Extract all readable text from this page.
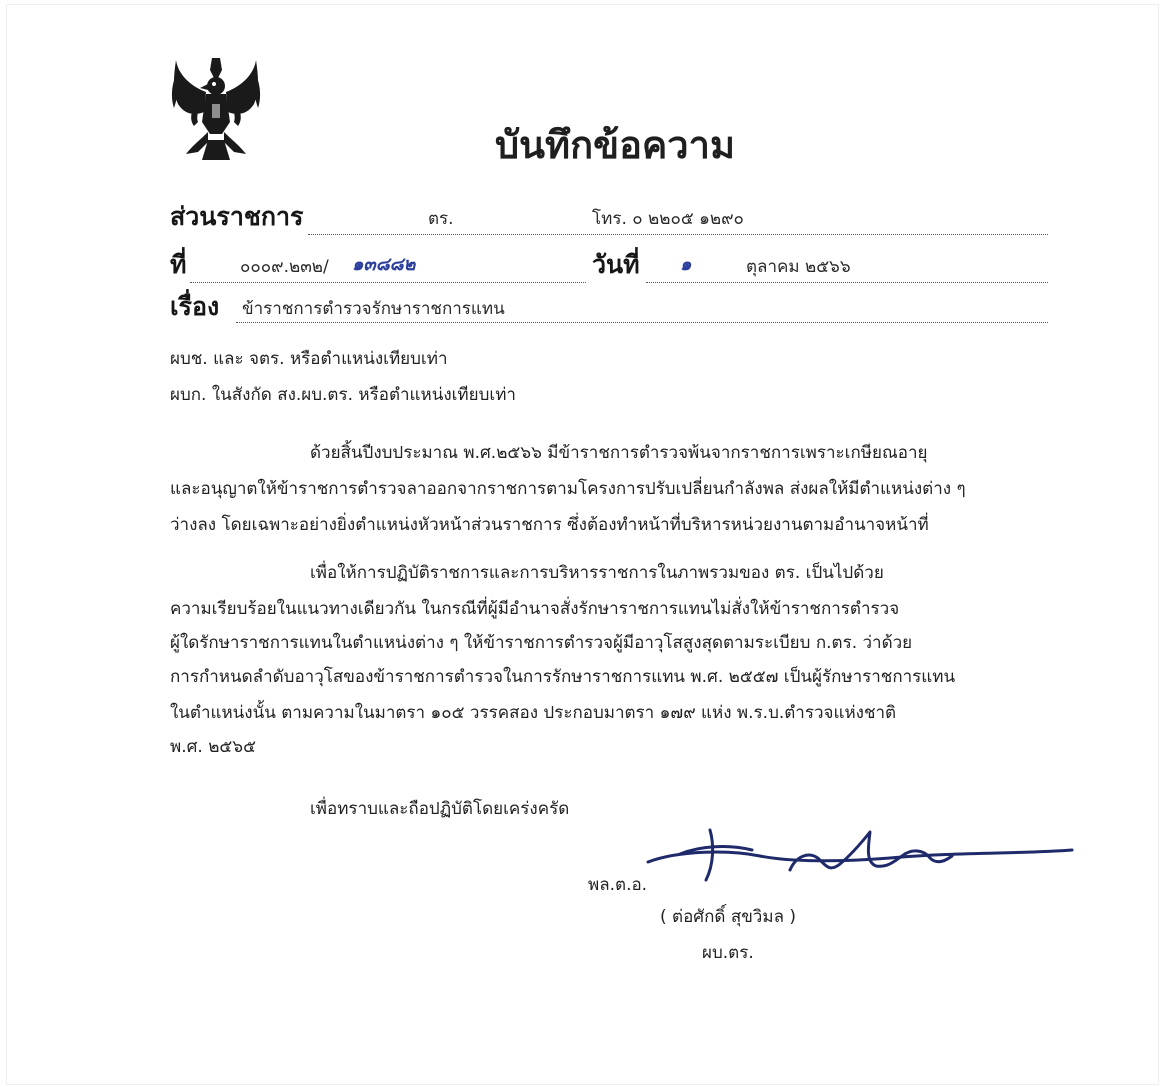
บันทึกข้อความ
ส่วนราชการ	ตร.	โทร. ๐ ๒๒๐๕ ๑๒๙๐
ที่	๐๐๐๙.๒๓๒/ ๑๓๘๘๒	วันที่ ๑	ตุลาคม ๒๕๖๖
เรื่อง ข้าราชการตำรวจรักษาราชการแทน
ผบช. และ จตร. หรือตำแหน่งเทียบเท่า
ผบก. ในสังกัด สง.ผบ.ตร. หรือตำแหน่งเทียบเท่า
ด้วยสิ้นปีงบประมาณ พ.ศ.๒๕๖๖ มีข้าราชการตำรวจพ้นจากราชการเพราะเกษียณอายุ
และอนุญาตให้ข้าราชการตำรวจลาออกจากราชการตามโครงการปรับเปลี่ยนกำลังพล ส่งผลให้มีตำแหน่งต่าง ๆ
ว่างลง โดยเฉพาะอย่างยิ่งตำแหน่งหัวหน้าส่วนราชการ ซึ่งต้องทำหน้าที่บริหารหน่วยงานตามอำนาจหน้าที่
เพื่อให้การปฏิบัติราชการและการบริหารราชการในภาพรวมของ ตร. เป็นไปด้วย
ความเรียบร้อยในแนวทางเดียวกัน ในกรณีที่ผู้มีอำนาจสั่งรักษาราชการแทนไม่สั่งให้ข้าราชการตำรวจ
ผู้ใดรักษาราชการแทนในตำแหน่งต่าง ๆ ให้ข้าราชการตำรวจผู้มีอาวุโสสูงสุดตามระเบียบ ก.ตร. ว่าด้วย
การกำหนดลำดับอาวุโสของข้าราชการตำรวจในการรักษาราชการแทน พ.ศ. ๒๕๕๗ เป็นผู้รักษาราชการแทน
ในตำแหน่งนั้น ตามความในมาตรา ๑๐๕ วรรคสอง ประกอบมาตรา ๑๗๙ แห่ง พ.ร.บ.ตำรวจแห่งชาติ
พ.ศ. ๒๕๖๕
เพื่อทราบและถือปฏิบัติโดยเคร่งครัด
พล.ต.อ.
( ต่อศักดิ์ สุขวิมล )
ผบ.ตร.
